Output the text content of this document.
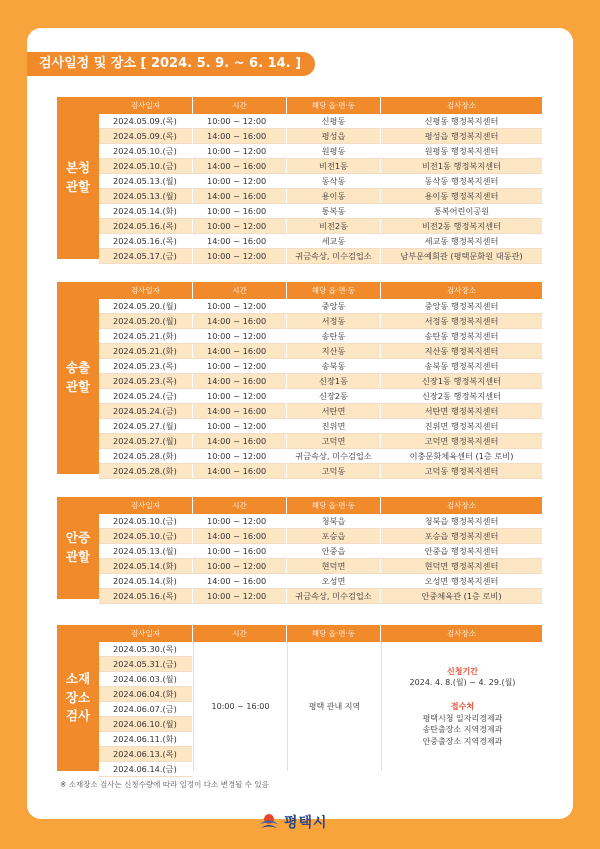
검사일정 및 장소 [ 2024. 5. 9. ~ 6. 14. ]
본청
관할
검사일자	시간	해당 읍·면·동	검사장소
2024.05.09.(목)	10:00 ~ 12:00	신평동	신평동 행정복지센터
2024.05.09.(목)	14:00 ~ 16:00	평성읍	평성읍 행정복지센터
2024.05.10.(금)	10:00 ~ 12:00	원평동	원평동 행정복지센터
2024.05.10.(금)	14:00 ~ 16:00	비전1동	비전1동 행정복지센터
2024.05.13.(월)	10:00 ~ 12:00	동삭동	동삭동 행정복지센터
2024.05.13.(월)	14:00 ~ 16:00	용이동	용이동 행정복지센터
2024.05.14.(화)	10:00 ~ 16:00	통복동	통복어린이공원
2024.05.16.(목)	10:00 ~ 12:00	비전2동	비전2동 행정복지센터
2024.05.16.(목)	14:00 ~ 16:00	세교동	세교동 행정복지센터
2024.05.17.(금)	10:00 ~ 12:00	귀금속상, 미수검업소	남부문예회관 (평택문화원 대동관)
송출
관할
검사일자	시간	해당 읍·면·동	검사장소
2024.05.20.(월)	10:00 ~ 12:00	중앙동	중앙동 행정복지센터
2024.05.20.(월)	14:00 ~ 16:00	서정동	서정동 행정복지센터
2024.05.21.(화)	10:00 ~ 12:00	송탄동	송탄동 행정복지센터
2024.05.21.(화)	14:00 ~ 16:00	지산동	지산동 행정복지센터
2024.05.23.(목)	10:00 ~ 12:00	송북동	송북동 행정복지센터
2024.05.23.(목)	14:00 ~ 16:00	신장1동	신장1동 행정복지센터
2024.05.24.(금)	10:00 ~ 12:00	신장2동	신장2동 행정복지센터
2024.05.24.(금)	14:00 ~ 16:00	서탄면	서탄면 행정복지센터
2024.05.27.(월)	10:00 ~ 12:00	진위면	진위면 행정복지센터
2024.05.27.(월)	14:00 ~ 16:00	고덕면	고덕면 행정복지센터
2024.05.28.(화)	10:00 ~ 12:00	귀금속상, 미수검업소	이충문화체육센터 (1층 로비)
2024.05.28.(화)	14:00 ~ 16:00	고덕동	고덕동 행정복지센터
안중
관할
검사일자	시간	해당 읍·면·동	검사장소
2024.05.10.(금)	10:00 ~ 12:00	청북읍	청북읍 행정복지센터
2024.05.10.(금)	14:00 ~ 16:00	포승읍	포승읍 행정복지센터
2024.05.13.(월)	10:00 ~ 16:00	안중읍	안중읍 행정복지센터
2024.05.14.(화)	10:00 ~ 12:00	현덕면	현덕면 행정복지센터
2024.05.14.(화)	14:00 ~ 16:00	오성면	오성면 행정복지센터
2024.05.16.(목)	10:00 ~ 12:00	귀금속상, 미수검업소	안중체육관 (1층 로비)
소재
장소
검사
검사일자	시간	해당 읍·면·동	검사장소
2024.05.30.(목)
2024.05.31.(금)
2024.06.03.(월)
2024.06.04.(화)
2024.06.07.(금)
2024.06.10.(월)
2024.06.11.(화)
2024.06.13.(목)
2024.06.14.(금)
10:00 ~ 16:00	평택 관내 지역
신청기간
2024. 4. 8.(월) ~ 4. 29.(월)
접수처
평택시청 일자리경제과
송탄출장소 지역경제과
안중출장소 지역경제과
※ 소재장소 검사는 신청수량에 따라 일정이 다소 변경될 수 있음
평택시
